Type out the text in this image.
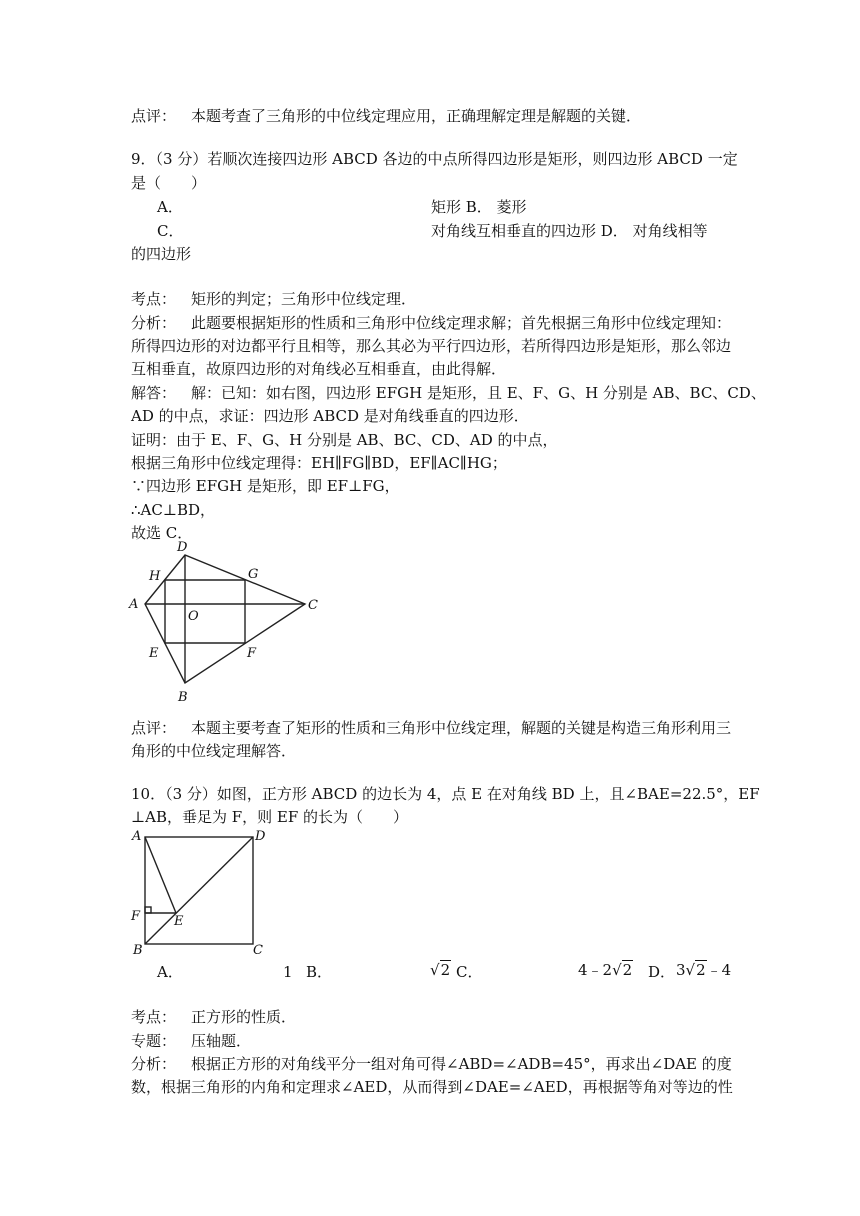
点评： 本题考查了三角形的中位线定理应用，正确理解定理是解题的关键．
9．（3 分）若顺次连接四边形 ABCD 各边的中点所得四边形是矩形，则四边形 ABCD 一定
是（　　）
A．	矩形 B． 菱形
C．	对角线互相垂直的四边形 D． 对角线相等
的四边形
考点： 矩形的判定；三角形中位线定理．
分析： 此题要根据矩形的性质和三角形中位线定理求解；首先根据三角形中位线定理知：
所得四边形的对边都平行且相等，那么其必为平行四边形，若所得四边形是矩形，那么邻边
互相垂直，故原四边形的对角线必互相垂直，由此得解．
解答： 解：已知：如右图，四边形 EFGH 是矩形，且 E、F、G、H 分别是 AB、BC、CD、
AD 的中点，求证：四边形 ABCD 是对角线垂直的四边形．
证明：由于 E、F、G、H 分别是 AB、BC、CD、AD 的中点，
根据三角形中位线定理得：EH∥FG∥BD，EF∥AC∥HG；
∵四边形 EFGH 是矩形，即 EF⊥FG，
∴AC⊥BD，
故选 C．
D
H	G
A
O
C
E	F
B
点评： 本题主要考查了矩形的性质和三角形中位线定理，解题的关键是构造三角形利用三
角形的中位线定理解答．
10．（3 分）如图，正方形 ABCD 的边长为 4，点 E 在对角线 BD 上，且∠BAE=22.5°，EF
⊥AB，垂足为 F，则 EF 的长为（　　）
A	D
F	E
B	C
A．	1 B．	√2 C．	4﹣2√2 D． 3√2﹣4
考点： 正方形的性质．
专题： 压轴题．
分析： 根据正方形的对角线平分一组对角可得∠ABD=∠ADB=45°，再求出∠DAE 的度
数，根据三角形的内角和定理求∠AED，从而得到∠DAE=∠AED，再根据等角对等边的性
